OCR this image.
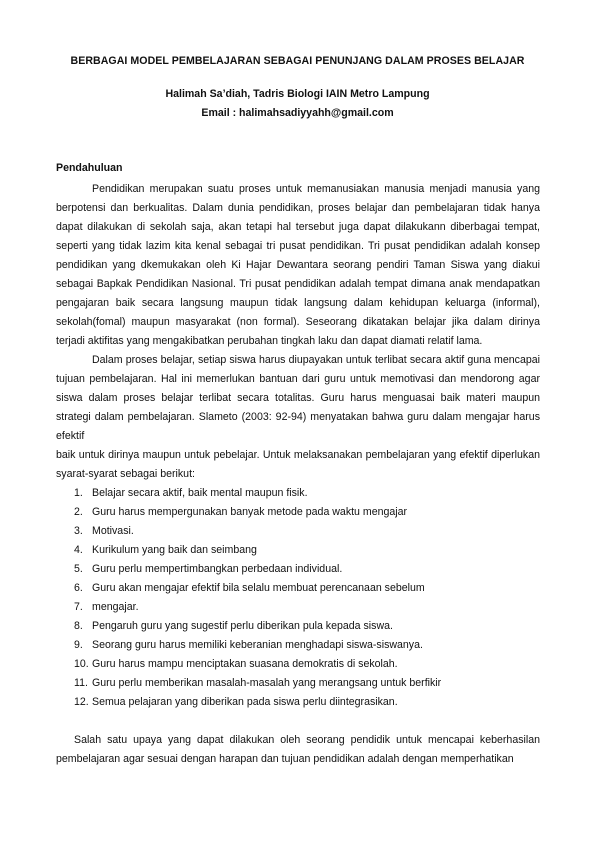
BERBAGAI MODEL PEMBELAJARAN SEBAGAI PENUNJANG DALAM PROSES BELAJAR
Halimah Sa’diah, Tadris Biologi IAIN Metro Lampung
Email : halimahsadiyyahh@gmail.com
Pendahuluan

Pendidikan merupakan suatu proses untuk memanusiakan manusia menjadi manusia yang berpotensi dan berkualitas. Dalam dunia pendidikan, proses belajar dan pembelajaran tidak hanya dapat dilakukan di sekolah saja, akan tetapi hal tersebut juga dapat dilakukann diberbagai tempat, seperti yang tidak lazim kita kenal sebagai tri pusat pendidikan. Tri pusat pendidikan adalah konsep pendidikan yang dkemukakan oleh Ki Hajar Dewantara seorang pendiri Taman Siswa yang diakui sebagai Bapkak Pendidikan Nasional. Tri pusat pendidikan adalah tempat dimana anak mendapatkan pengajaran baik secara langsung maupun tidak langsung dalam kehidupan keluarga (informal), sekolah(fomal) maupun masyarakat (non formal). Seseorang dikatakan belajar jika dalam dirinya terjadi aktifitas yang mengakibatkan perubahan tingkah laku dan dapat diamati relatif lama.

Dalam proses belajar, setiap siswa harus diupayakan untuk terlibat secara aktif guna mencapai tujuan pembelajaran. Hal ini memerlukan bantuan dari guru untuk memotivasi dan mendorong agar siswa dalam proses belajar terlibat secara totalitas. Guru harus menguasai baik materi maupun strategi dalam pembelajaran. Slameto (2003: 92-94) menyatakan bahwa guru dalam mengajar harus efektif

baik untuk dirinya maupun untuk pebelajar. Untuk melaksanakan pembelajaran yang efektif diperlukan syarat-syarat sebagai berikut:

1. Belajar secara aktif, baik mental maupun fisik.
2. Guru harus mempergunakan banyak metode pada waktu mengajar
3. Motivasi.
4. Kurikulum yang baik dan seimbang
5. Guru perlu mempertimbangkan perbedaan individual.
6. Guru akan mengajar efektif bila selalu membuat perencanaan sebelum
7. mengajar.
8. Pengaruh guru yang sugestif perlu diberikan pula kepada siswa.
9. Seorang guru harus memiliki keberanian menghadapi siswa-siswanya.
10. Guru harus mampu menciptakan suasana demokratis di sekolah.
11. Guru perlu memberikan masalah-masalah yang merangsang untuk berfikir
12. Semua pelajaran yang diberikan pada siswa perlu diintegrasikan.

Salah satu upaya yang dapat dilakukan oleh seorang pendidik untuk mencapai keberhasilan pembelajaran agar sesuai dengan harapan dan tujuan pendidikan adalah dengan memperhatikan
